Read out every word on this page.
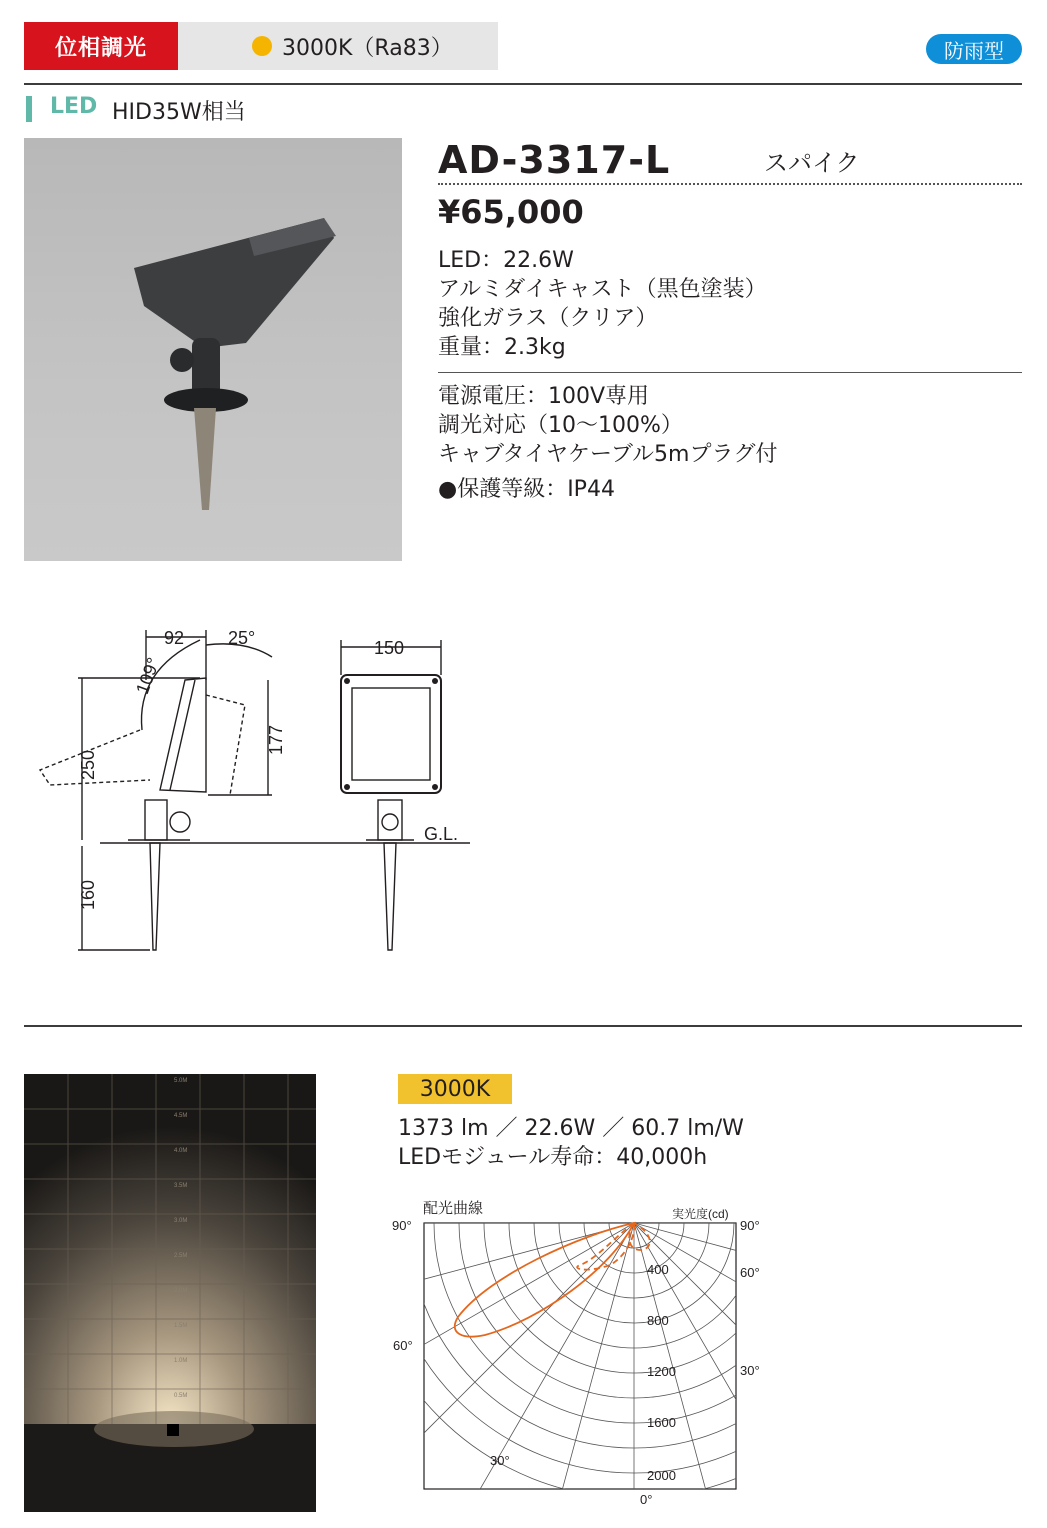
位相調光	3000K（Ra83）	防雨型
LED HID35W相当
AD-3317-L	スパイク
¥65,000
LED：22.6W
アルミダイキャスト（黒色塗装）
強化ガラス（クリア）
重量：2.3kg
電源電圧：100V専用
調光対応（10～100%）
キャブタイヤケーブル5mプラグ付
●保護等級：IP44
92 25°
109°
250
177
160
150
G.L.
5.0M
4.5M
4.0M
3.5M
3.0M
2.5M
2.0M
1.5M
1.0M
0.5M
3000K
1373 lm ／ 22.6W ／ 60.7 lm/W
LEDモジュール寿命：40,000h
配光曲線	実光度(cd)
90°
60°
30°
90°
60°
30°
0°
400
800
1200
1600
2000
